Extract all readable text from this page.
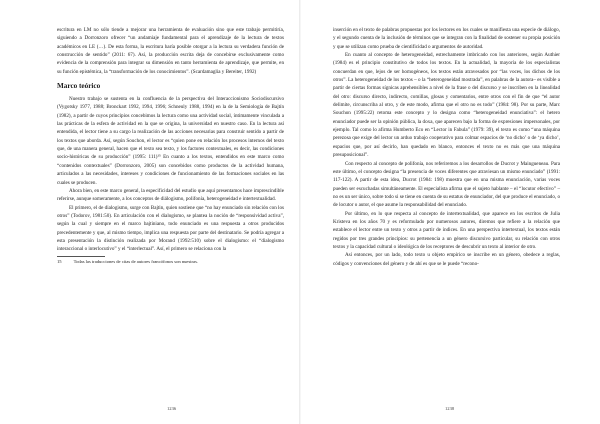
escritura en LM no sólo tiende a mejorar una herramienta de evaluación sino que este trabajo permitiría, siguiendo a Dorronzoro ofrecer “un andamiaje fundamental para el aprendizaje de la lectura de textos académicos en LE (…). De esta forma, la escritura haría posible otorgar a la lectura su verdadera función de construcción de sentido” (2011: 67). Así, la producción escrita deja de concebirse exclusivamente como evidencia de la comprensión para integrar su dimensión en tanto herramienta de aprendizaje, que permite, en su función epistémica, la “transformación de los conocimientos”. (Scardamaglia y Bereiter, 1992)

Marco teórico

Nuestro trabajo se sustenta en la confluencia de la perspectiva del Interaccionismo Sociodiscursivo (Vygotsky 1977, 1988; Bronckart 1992, 1994, 1996; Schneuly 1988, 1994) en la de la Semiología de Bajtín (1982), a partir de cuyos principios concebimos la lectura como una actividad social, íntimamente vinculada a las prácticas de la esfera de actividad en la que se origina, la universidad en nuestro caso. En la lectura así entendida, el lector tiene a su cargo la realización de las acciones necesarias para construir sentido a partir de los textos que aborda. Así, según Souchon, el lector es “quien pone en relación los procesos internos del texto que, de una manera general, hacen que el texto sea texto, y los factores contextuales, es decir, las condiciones socio-históricas de su producción” (1995: 111)¹⁵ En cuanto a los textos, entendidos en este marco como “contenidos contextuales” (Dorronzoro, 2005) son concebidos como productos de la actividad humana, articulados a las necesidades, intereses y condiciones de funcionamiento de las formaciones sociales en las cuales se producen.

Ahora bien, en este marco general, la especificidad del estudio que aquí presentamos hace imprescindible referirse, aunque someramente, a los conceptos de diálogismo, polifonía, heterogeneidad e intertextualidad.

El primero, el de dialogismo, surge con Bajtin, quien sostiene que “no hay enunciado sin relación con los otros” (Todorov, 1981:50). En articulación con el dialogismo, se plantea la noción de “responsividad activa”, según la cual y siempre en el marco bajtiniano, todo enunciado es una respuesta a otros producidos precedentemente y que, al mismo tiempo, implica una respuesta por parte del destinatario. Se podría agregar a esta presentación la distinción realizada por Morand (1992:510) sobre el dialogismo: el “dialogismo interaccional o interlocutivo” y el “interlectual”. Así, el primero se relaciona con la

15	Todas las traducciones de citas de autores francófonos son nuestras.
1236

inserción en el texto de palabras propuestas por los lectores en los cuales se manifiesta una especie de diálogo, y el segundo cuenta de la inclusión de términos que se integran con la finalidad de sostener su propia posición y que se utilizan como prueba de cientificidad o argumentos de autoridad.

En cuanto al concepto de heterogeneidad, estrechamente imbricado con los anteriores, según Authier (1984) es el principio constitutivo de todos los textos. En la actualidad, la mayoría de los especialistas concuerdan en que, lejos de ser homogéneos, los textos están atravesados por “las voces, los dichos de los otros”. La heterogeneidad de los textos – o la “heterogeneidad mostrada”, en palabras de la autora– es visible a partir de ciertas formas sígnicas aprehensibles a nivel de la frase o del discurso y se inscriben en la linealidad del otro: discurso directo, indirecto, comillas, glosas y comentarios, entre otros con el fin de que “el autor delimite, circunscriba al otro, y de este modo, afirma que el otro no es todo” (1984: 98). Por su parte, Marc Souchon (1995:22) retoma este concepto y lo designa como “heterogeneidad enunciativa”: el hetero enunciador puede ser la opinión pública, la doxa, que aparecen bajo la forma de expresiones impersonales, por ejemplo. Tal como lo afirma Humberto Eco en “Lector in Fabula” (1979: 39), el texto es como “una máquina perezosa que exige del lector un arduo trabajo cooperativo para colmar espacios de ‘no dicho’ o de ‘ya dicho’, espacios que, por así decirlo, han quedado en blanco, entonces el texto no es más que una máquina presuposicional”.

Con respecto al concepto de polifonía, nos referiremos a los desarrollos de Ducrot y Maingueneau. Para este último, el concepto designa “la presencia de voces diferentes que atraviesan un mismo enunciado” (1991: 117-122). A partir de esta idea, Ducrot (1984: 198) muestra que en una misma enunciación, varias voces pueden ser escuchadas simultáneamente. El especialista afirma que el sujeto hablante – el “locutor efectivo” – no es un ser único, sobre todo si se tiene en cuenta de su estatus de enunciador, del que produce el enunciado, o de locutor o autor, el que asume la responsabilidad del enunciado.

Por último, en lo que respecta al concepto de intertextualidad, que aparece en los escritos de Julia Kristeva en los años 70 y es reformulado por numerosos autores, diremos que refiere a la relación que establece el lector entre un texto y otros a partir de índices. En una perspectiva intertextual, los textos están regidos por tres grandes principios: su pertenencia a un género discursivo particular, su relación con otros textos y la capacidad cultural o ideológica de los receptores de descubrir un texto al interior de otro.

Así entonces, por un lado, todo texto u objeto empírico se inscribe en un género, obedece a reglas, códigos y convenciones del género y de ahí es que se le puede “recono-

1238
